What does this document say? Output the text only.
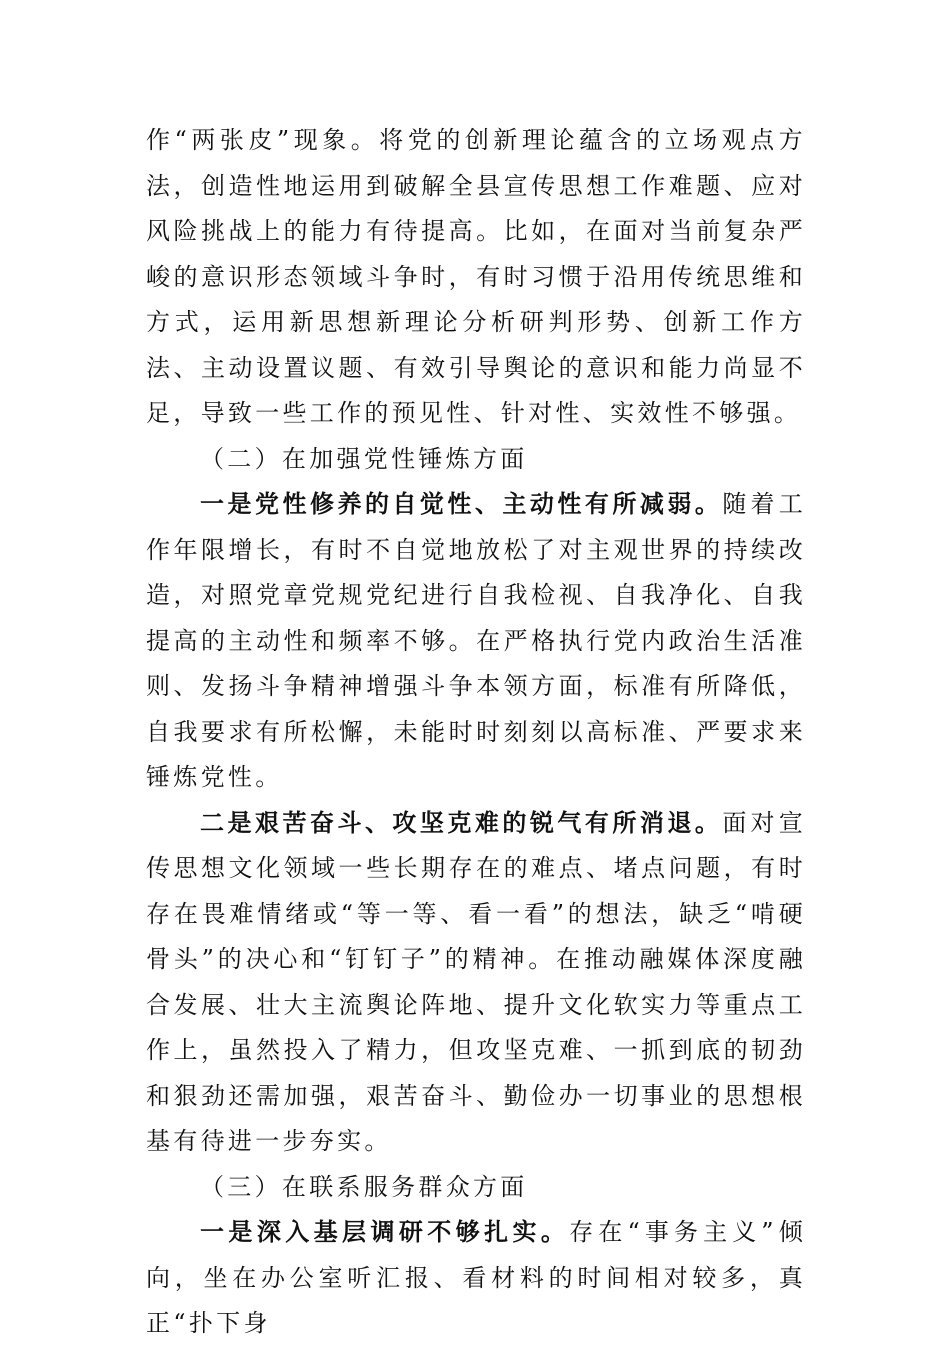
作“两张皮”现象。将党的创新理论蕴含的立场观点方法，创造性地运用到破解全县宣传思想工作难题、应对风险挑战上的能力有待提高。比如，在面对当前复杂严峻的意识形态领域斗争时，有时习惯于沿用传统思维和方式，运用新思想新理论分析研判形势、创新工作方法、主动设置议题、有效引导舆论的意识和能力尚显不足，导致一些工作的预见性、针对性、实效性不够强。

（二）在加强党性锤炼方面

一是党性修养的自觉性、主动性有所减弱。随着工作年限增长，有时不自觉地放松了对主观世界的持续改造，对照党章党规党纪进行自我检视、自我净化、自我提高的主动性和频率不够。在严格执行党内政治生活准则、发扬斗争精神增强斗争本领方面，标准有所降低，自我要求有所松懈，未能时时刻刻以高标准、严要求来锤炼党性。

二是艰苦奋斗、攻坚克难的锐气有所消退。面对宣传思想文化领域一些长期存在的难点、堵点问题，有时存在畏难情绪或“等一等、看一看”的想法，缺乏“啃硬骨头”的决心和“钉钉子”的精神。在推动融媒体深度融合发展、壮大主流舆论阵地、提升文化软实力等重点工作上，虽然投入了精力，但攻坚克难、一抓到底的韧劲和狠劲还需加强，艰苦奋斗、勤俭办一切事业的思想根基有待进一步夯实。

（三）在联系服务群众方面

一是深入基层调研不够扎实。存在“事务主义”倾向，坐在办公室听汇报、看材料的时间相对较多，真正“扑下身
